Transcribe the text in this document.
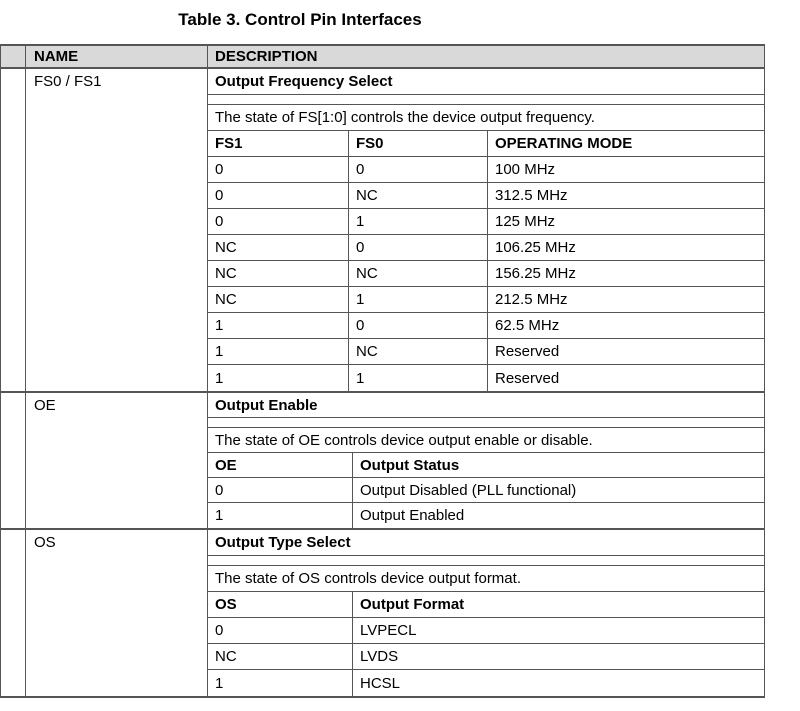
Table 3. Control Pin Interfaces
NAME	DESCRIPTION
FS0 / FS1	Output Frequency Select
The state of FS[1:0] controls the device output frequency.
FS1	FS0	OPERATING MODE
0	0	100 MHz
0	NC	312.5 MHz
0	1	125 MHz
NC	0	106.25 MHz
NC	NC	156.25 MHz
NC	1	212.5 MHz
1	0	62.5 MHz
1	NC	Reserved
1	1	Reserved
OE	Output Enable
The state of OE controls device output enable or disable.
OE	Output Status
0	Output Disabled (PLL functional)
1	Output Enabled
OS	Output Type Select
The state of OS controls device output format.
OS	Output Format
0	LVPECL
NC	LVDS
1	HCSL
